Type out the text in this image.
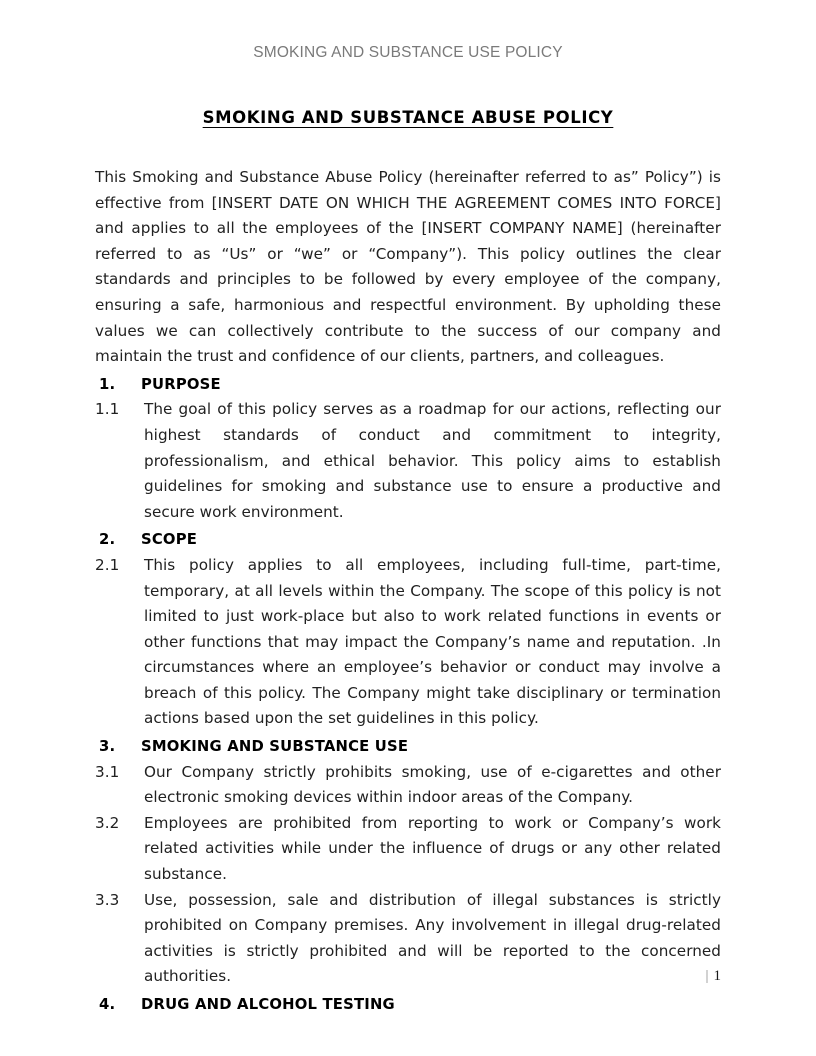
SMOKING AND SUBSTANCE USE POLICY
SMOKING AND SUBSTANCE ABUSE POLICY

This Smoking and Substance Abuse Policy (hereinafter referred to as” Policy”) is effective from [INSERT DATE ON WHICH THE AGREEMENT COMES INTO FORCE] and applies to all the employees of the [INSERT COMPANY NAME] (hereinafter referred to as “Us” or “we” or “Company”). This policy outlines the clear standards and principles to be followed by every employee of the company, ensuring a safe, harmonious and respectful environment. By upholding these values we can collectively contribute to the success of our company and maintain the trust and confidence of our clients, partners, and colleagues.

1.	PURPOSE
1.1	The goal of this policy serves as a roadmap for our actions, reflecting our highest standards of conduct and commitment to integrity, professionalism, and ethical behavior. This policy aims to establish guidelines for smoking and substance use to ensure a productive and secure work environment.
2.	SCOPE
2.1	This policy applies to all employees, including full-time, part-time, temporary, at all levels within the Company. The scope of this policy is not limited to just work-place but also to work related functions in events or other functions that may impact the Company’s name and reputation. .In circumstances where an employee’s behavior or conduct may involve a breach of this policy. The Company might take disciplinary or termination actions based upon the set guidelines in this policy.
3.	SMOKING AND SUBSTANCE USE
3.1	Our Company strictly prohibits smoking, use of e-cigarettes and other electronic smoking devices within indoor areas of the Company.
3.2	Employees are prohibited from reporting to work or Company’s work related activities while under the influence of drugs or any other related substance.
3.3	Use, possession, sale and distribution of illegal substances is strictly prohibited on Company premises. Any involvement in illegal drug-related activities is strictly prohibited and will be reported to the concerned authorities.
4.	DRUG AND ALCOHOL TESTING
| 1
